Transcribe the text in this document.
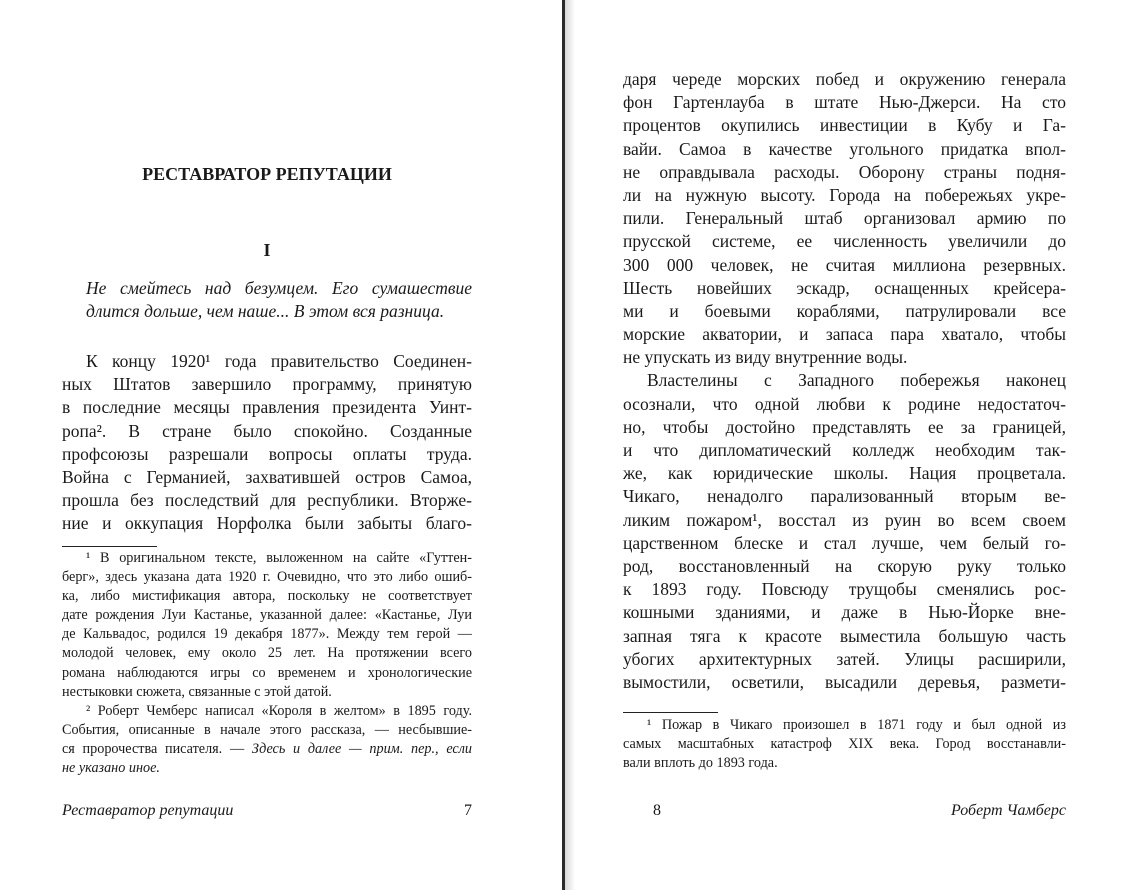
РЕСТАВРАТОР РЕПУТАЦИИ
I
Не смейтесь над безумцем. Его сумашествие
длится дольше, чем наше... В этом вся разница.
К концу 1920¹ года правительство Соединен-
ных Штатов завершило программу, принятую
в последние месяцы правления президента Уинт-
ропа². В стране было спокойно. Созданные
профсоюзы разрешали вопросы оплаты труда.
Война с Германией, захватившей остров Самоа,
прошла без последствий для республики. Вторже-
ние и оккупация Норфолка были забыты благо-
¹ В оригинальном тексте, выложенном на сайте «Гуттен-
берг», здесь указана дата 1920 г. Очевидно, что это либо ошиб-
ка, либо мистификация автора, поскольку не соответствует
дате рождения Луи Кастанье, указанной далее: «Кастанье, Луи
де Кальвадос, родился 19 декабря 1877». Между тем герой —
молодой человек, ему около 25 лет. На протяжении всего
романа наблюдаются игры со временем и хронологические
нестыковки сюжета, связанные с этой датой.
² Роберт Чемберс написал «Короля в желтом» в 1895 году.
События, описанные в начале этого рассказа, — несбывшие-
ся пророчества писателя. — Здесь и далее — прим. пер., если
не указано иное.
Реставратор репутации	7
даря череде морских побед и окружению генерала
фон Гартенлауба в штате Нью-Джерси. На сто
процентов окупились инвестиции в Кубу и Га-
вайи. Самоа в качестве угольного придатка впол-
не оправдывала расходы. Оборону страны подня-
ли на нужную высоту. Города на побережьях укре-
пили. Генеральный штаб организовал армию по
прусской системе, ее численность увеличили до
300 000 человек, не считая миллиона резервных.
Шесть новейших эскадр, оснащенных крейсера-
ми и боевыми кораблями, патрулировали все
морские акватории, и запаса пара хватало, чтобы
не упускать из виду внутренние воды.
Властелины с Западного побережья наконец
осознали, что одной любви к родине недостаточ-
но, чтобы достойно представлять ее за границей,
и что дипломатический колледж необходим так-
же, как юридические школы. Нация процветала.
Чикаго, ненадолго парализованный вторым ве-
ликим пожаром¹, восстал из руин во всем своем
царственном блеске и стал лучше, чем белый го-
род, восстановленный на скорую руку только
к 1893 году. Повсюду трущобы сменялись рос-
кошными зданиями, и даже в Нью-Йорке вне-
запная тяга к красоте выместила большую часть
убогих архитектурных затей. Улицы расширили,
вымостили, осветили, высадили деревья, размети-
¹ Пожар в Чикаго произошел в 1871 году и был одной из
самых масштабных катастроф XIX века. Город восстанавли-
вали вплоть до 1893 года.
8	Роберт Чамберс
